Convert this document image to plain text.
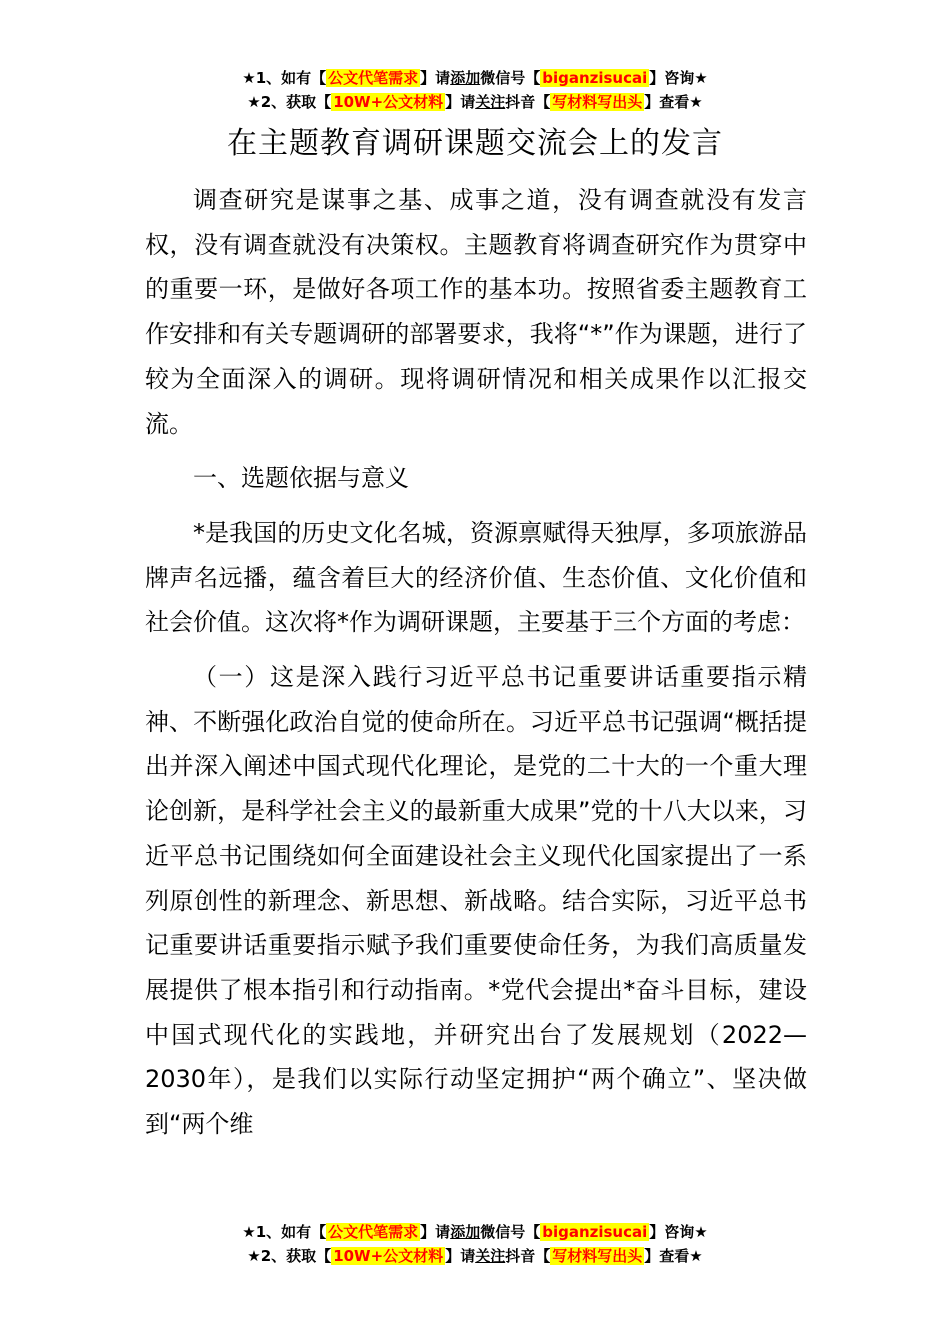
★1、如有【 公文代笔需求 】请添加微信号【 biganzisucai 】咨询★
★2、获取【 10W+公文材料 】请关注抖音【 写材料写出头 】查看★
在主题教育调研课题交流会上的发言

调查研究是谋事之基、成事之道，没有调查就没有发言权，没有调查就没有决策权。主题教育将调查研究作为贯穿中的重要一环，是做好各项工作的基本功。按照省委主题教育工作安排和有关专题调研的部署要求，我将“*”作为课题，进行了较为全面深入的调研。现将调研情况和相关成果作以汇报交流。

一、选题依据与意义

*是我国的历史文化名城，资源禀赋得天独厚，多项旅游品牌声名远播，蕴含着巨大的经济价值、生态价值、文化价值和社会价值。这次将*作为调研课题，主要基于三个方面的考虑：

（一）这是深入践行习近平总书记重要讲话重要指示精神、不断强化政治自觉的使命所在。习近平总书记强调“概括提出并深入阐述中国式现代化理论，是党的二十大的一个重大理论创新，是科学社会主义的最新重大成果”党的十八大以来，习近平总书记围绕如何全面建设社会主义现代化国家提出了一系列原创性的新理念、新思想、新战略。结合实际，习近平总书记重要讲话重要指示赋予我们重要使命任务，为我们高质量发展提供了根本指引和行动指南。*党代会提出*奋斗目标，建设中国式现代化的实践地，并研究出台了发展规划（2022—2030年），是我们以实际行动坚定拥护“两个确立”、坚决做到“两个维

★1、如有【 公文代笔需求 】请添加微信号【 biganzisucai 】咨询★
★2、获取【 10W+公文材料 】请关注抖音【 写材料写出头 】查看★
